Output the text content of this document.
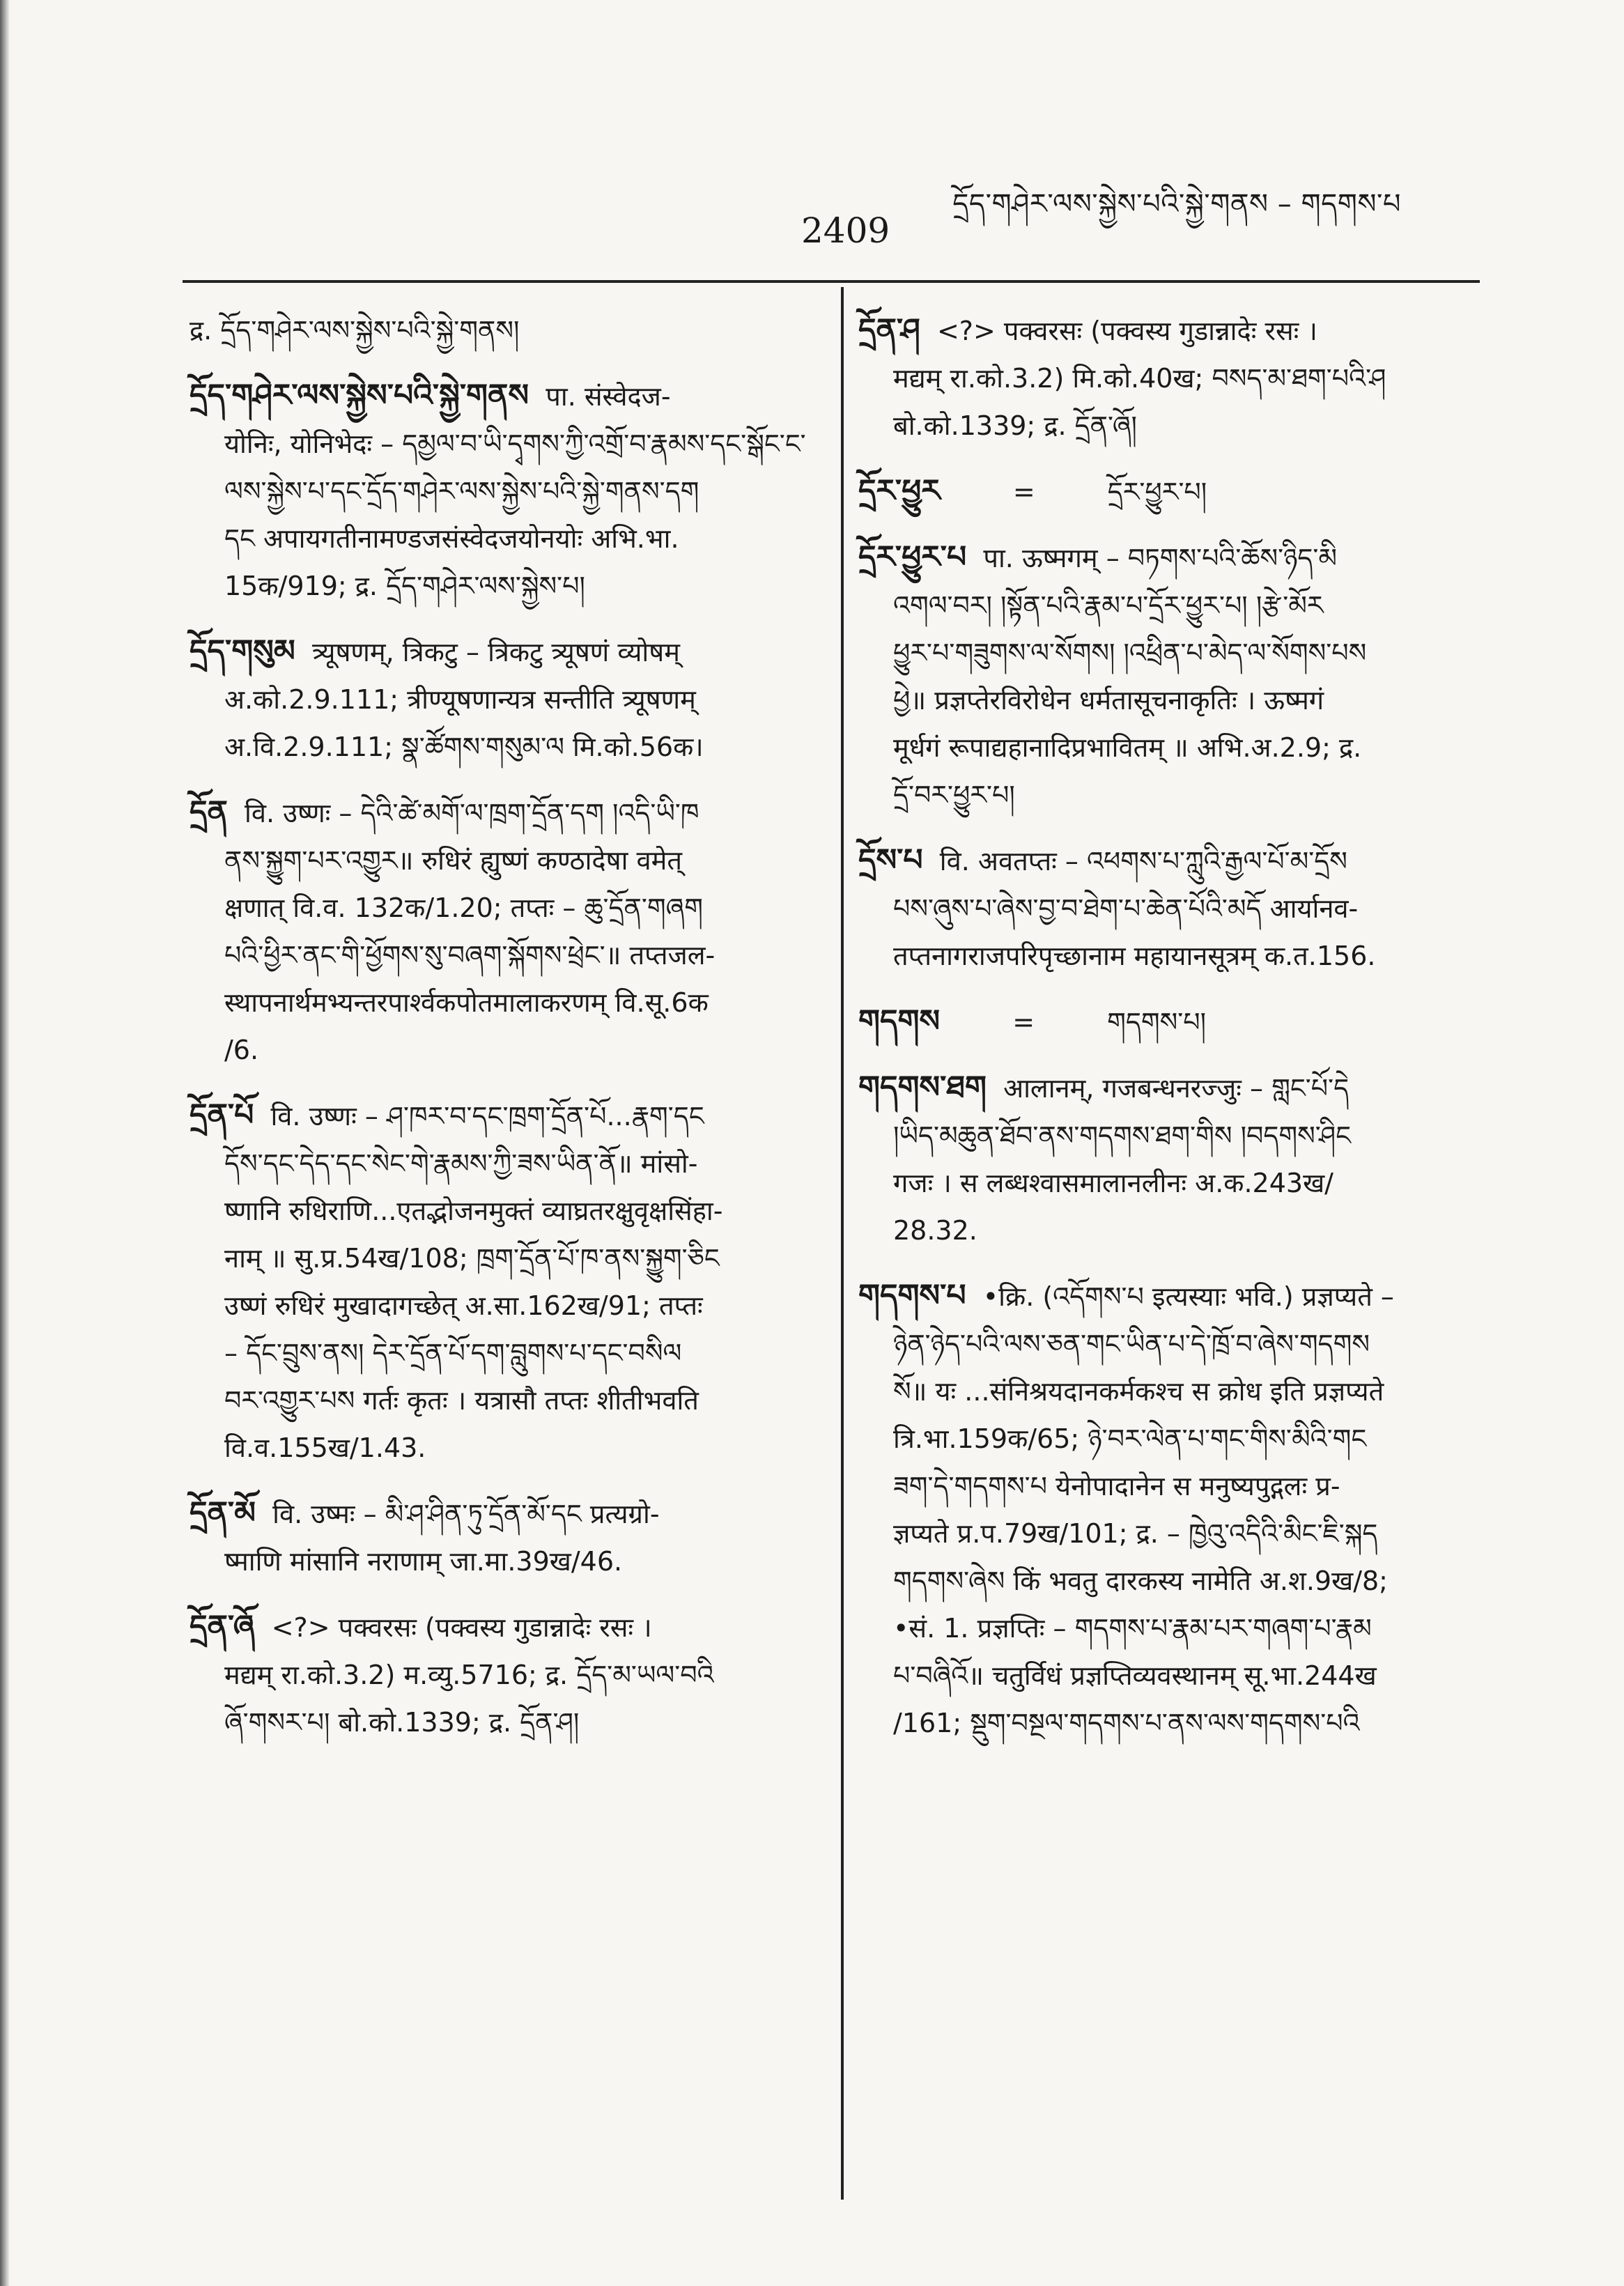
2409
དྲོད་གཤེར་ལས་སྐྱེས་པའི་སྐྱེ་གནས – གདགས་པ

द्र. དྲོད་གཤེར་ལས་སྐྱེས་པའི་སྐྱེ་གནས།

དྲོད་གཤེར་ལས་སྐྱེས་པའི་སྐྱེ་གནས पा. संस्वेदज-

योनिः, योनिभेदः – དམྱལ་བ་ཡི་དྭགས་ཀྱི་འགྲོ་བ་རྣམས་དང་སྒོང་ང་

ལས་སྐྱེས་པ་དང་དྲོད་གཤེར་ལས་སྐྱེས་པའི་སྐྱེ་གནས་དག

དང अपायगतीनामण्डजसंस्वेदजयोनयोः अभि.भा.

15क/919; द्र. དྲོད་གཤེར་ལས་སྐྱེས་པ།

དྲོད་གསུམ त्र्यूषणम्, त्रिकटु – त्रिकटु त्र्यूषणं व्योषम्

अ.को.2.9.111; त्रीण्यूषणान्यत्र सन्तीति त्र्यूषणम्

अ.वि.2.9.111; སྣ་ཚོགས་གསུམ་ལ मि.को.56क।

དྲོན वि. उष्णः – དེའི་ཚེ་མགོ་ལ་ཁྲག་དྲོན་དག །འདི་ཡི་ཁ

ནས་སྐྱུག་པར་འགྱུར॥ रुधिरं ह्युष्णं कण्ठादेषा वमेत्

क्षणात् वि.व. 132क/1.20; तप्तः – ཆུ་དྲོན་གཞག

པའི་ཕྱིར་ནང་གི་ཕྱོགས་སུ་བཞག་སྐོགས་ཕྲེང་॥ तप्तजल-

स्थापनार्थमभ्यन्तरपार्श्वकपोतमालाकरणम् वि.सू.6क

/6.

དྲོན་པོ वि. उष्णः – ཤ་ཁར་བ་དང་ཁྲག་དྲོན་པོ...རྣག་དང

དོས་དང་དེད་དང་སེང་གེ་རྣམས་ཀྱི་ཟས་ཡིན་ནོ॥ मांसो-

ष्णानि रुधिराणि...एतद्भोजनमुक्तं व्याघ्रतरक्षुवृक्षसिंहा-

नाम् ॥ सु.प्र.54ख/108; ཁྲག་དྲོན་པོ་ཁ་ནས་སྐྱུག་ཅིང

उष्णं रुधिरं मुखादागच्छेत् अ.सा.162ख/91; तप्तः

– དོང་བྲུས་ནས། དེར་དྲོན་པོ་དག་བླུགས་པ་དང་བསིལ

བར་འགྱུར་པས गर्तः कृतः । यत्रासौ तप्तः शीतीभवति

वि.व.155ख/1.43.

དྲོན་མོ वि. उष्मः – མི་ཤ་ཤིན་ཏུ་དྲོན་མོ་དང प्रत्यग्रो-

ष्माणि मांसानि नराणाम् जा.मा.39ख/46.

དྲོན་ཞོ <?> पक्वरसः (पक्वस्य गुडान्नादेः रसः ।

मद्यम् रा.को.3.2) म.व्यु.5716; द्र. དྲོད་མ་ཡལ་བའི

ཞོ་གསར་པ། बो.को.1339; द्र. དྲོན་ཤ།

དྲོན་ཤ <?> पक्वरसः (पक्वस्य गुडान्नादेः रसः ।

मद्यम् रा.को.3.2) मि.को.40ख; བསད་མ་ཐག་པའི་ཤ

बो.को.1339; द्र. དྲོན་ཞོ།

དྲོར་ཕྱུར	=	དྲོར་ཕྱུར་པ།

དྲོར་ཕྱུར་པ पा. ऊष्मगम् – བཏགས་པའི་ཆོས་ཉིད་མི

འགལ་བར། །སྟོན་པའི་རྣམ་པ་དྲོར་ཕྱུར་པ། །རྩེ་མོར

ཕྱུར་པ་གཟུགས་ལ་སོགས། །འཕྲིན་པ་མེད་ལ་སོགས་པས

ཕྱེ॥ प्रज्ञप्तेरविरोधेन धर्मतासूचनाकृतिः । ऊष्मगं

मूर्धगं रूपाद्यहानादिप्रभावितम् ॥ अभि.अ.2.9; द्र.

དྲོ་བར་ཕྱུར་པ།

དྲོས་པ वि. अवतप्तः – འཕགས་པ་ཀླུའི་རྒྱལ་པོ་མ་དྲོས

པས་ཞུས་པ་ཞེས་བྱ་བ་ཐེག་པ་ཆེན་པོའི་མདོ आर्यानव-

तप्तनागराजपरिपृच्छानाम महायानसूत्रम् क.त.156.

གདགས	=	གདགས་པ།

གདགས་ཐག आलानम्, गजबन्धनरज्जुः – གླང་པོ་དེ

།ཡིད་མཆུན་ཐོབ་ནས་གདགས་ཐག་གིས །བདགས་ཤིང

गजः । स लब्धश्वासमालानलीनः अ.क.243ख/

28.32.

གདགས་པ •क्रि. (འདོགས་པ इत्यस्याः भवि.) प्रज्ञप्यते –

ཉེན་ཉེད་པའི་ལས་ཅན་གང་ཡིན་པ་དེ་ཁྲོ་བ་ཞེས་གདགས

སོ॥ यः ...संनिश्रयदानकर्मकश्च स क्रोध इति प्रज्ञप्यते

त्रि.भा.159क/65; ཉེ་བར་ལེན་པ་གང་གིས་མིའི་གང

ཟག་དེ་གདགས་པ येनोपादानेन स मनुष्यपुद्गलः प्र-

ज्ञप्यते प्र.प.79ख/101; द्र. – ཁྱེའུ་འདིའི་མིང་ཇི་སྐད

གདགས་ཞེས किं भवतु दारकस्य नामेति अ.श.9ख/8;

•सं. 1. प्रज्ञप्तिः – གདགས་པ་རྣམ་པར་གཞག་པ་རྣམ

པ་བཞིའོ॥ चतुर्विधं प्रज्ञप्तिव्यवस्थानम् सू.भा.244ख

/161; སྡུག་བསྔལ་གདགས་པ་ནས་ལས་གདགས་པའི
